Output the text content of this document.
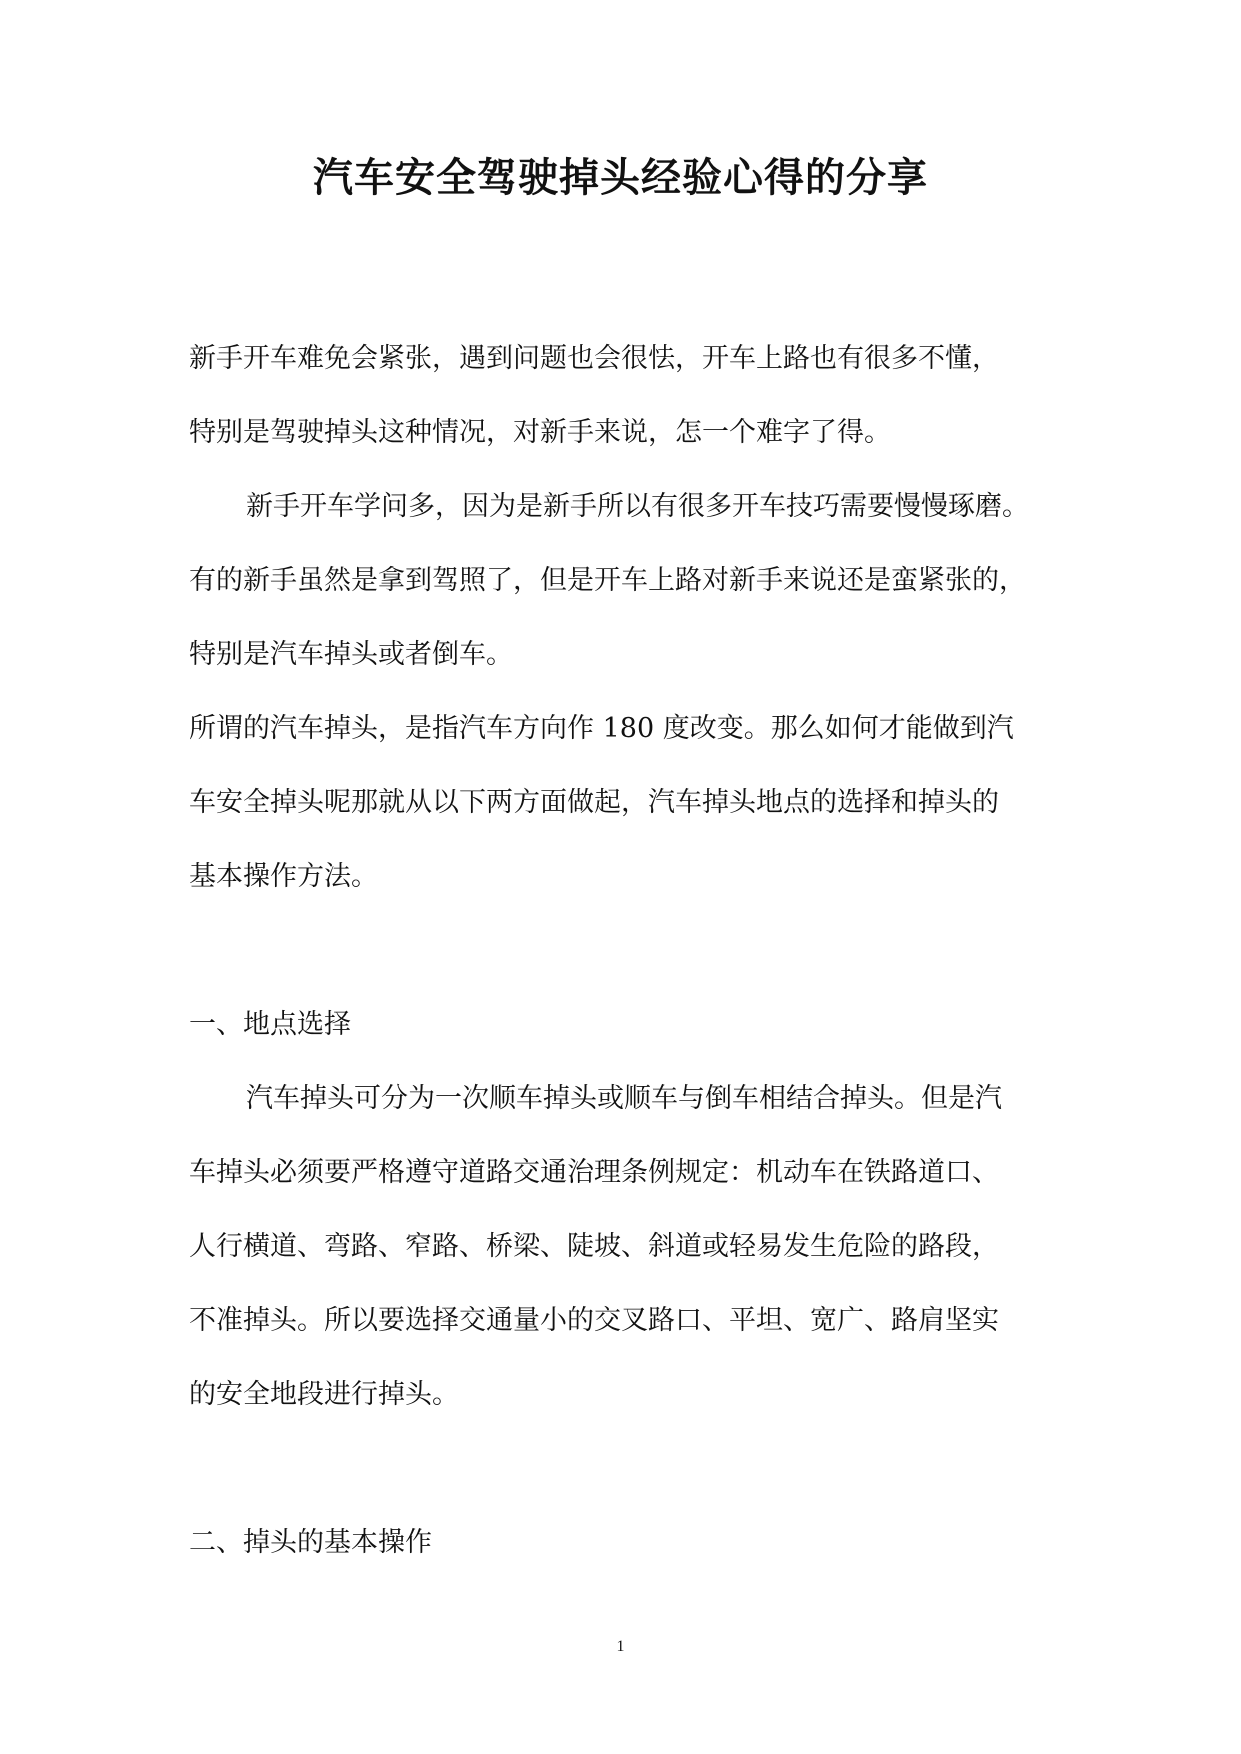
汽车安全驾驶掉头经验心得的分享

新手开车难免会紧张，遇到问题也会很怯，开车上路也有很多不懂，

特别是驾驶掉头这种情况，对新手来说，怎一个难字了得。

新手开车学问多，因为是新手所以有很多开车技巧需要慢慢琢磨。

有的新手虽然是拿到驾照了，但是开车上路对新手来说还是蛮紧张的，

特别是汽车掉头或者倒车。

所谓的汽车掉头，是指汽车方向作 180 度改变。那么如何才能做到汽

车安全掉头呢那就从以下两方面做起，汽车掉头地点的选择和掉头的

基本操作方法。

一、地点选择

汽车掉头可分为一次顺车掉头或顺车与倒车相结合掉头。但是汽

车掉头必须要严格遵守道路交通治理条例规定：机动车在铁路道口、

人行横道、弯路、窄路、桥梁、陡坡、斜道或轻易发生危险的路段，

不准掉头。所以要选择交通量小的交叉路口、平坦、宽广、路肩坚实

的安全地段进行掉头。

二、掉头的基本操作

1
